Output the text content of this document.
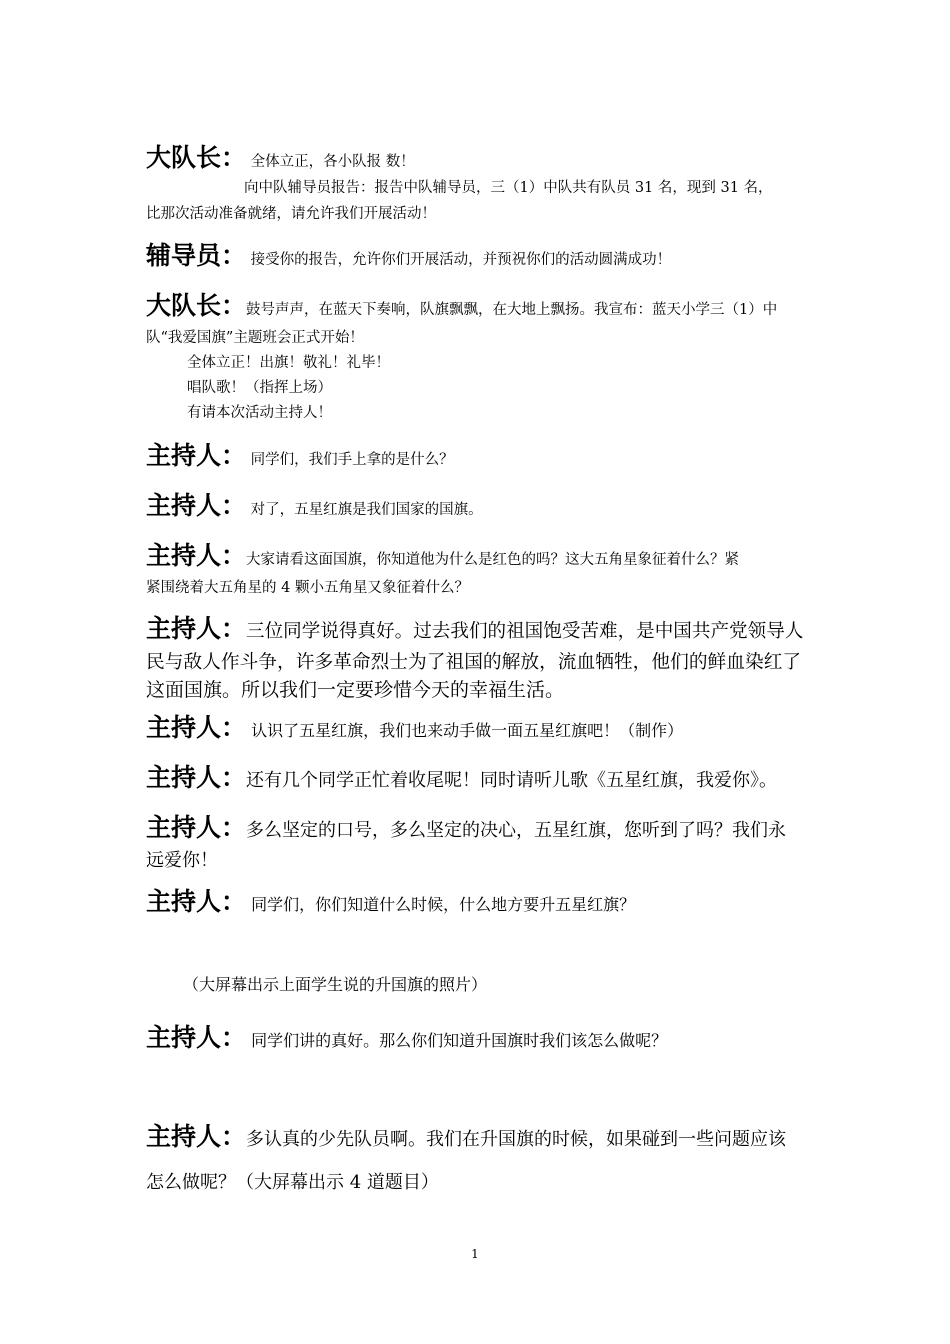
大队长： 全体立正，各小队报 数！
向中队辅导员报告：报告中队辅导员，三（1）中队共有队员 31 名，现到 31 名，
比那次活动准备就绪，请允许我们开展活动！
辅导员： 接受你的报告，允许你们开展活动，并预祝你们的活动圆满成功！
大队长：鼓号声声，在蓝天下奏响，队旗飘飘，在大地上飘扬。我宣布：蓝天小学三（1）中
队“我爱国旗”主题班会正式开始！
全体立正！出旗！敬礼！礼毕！
唱队歌！（指挥上场）
有请本次活动主持人！
主持人： 同学们，我们手上拿的是什么？
主持人： 对了，五星红旗是我们国家的国旗。
主持人：大家请看这面国旗，你知道他为什么是红色的吗？这大五角星象征着什么？紧
紧围绕着大五角星的 4 颗小五角星又象征着什么？
主持人：三位同学说得真好。过去我们的祖国饱受苦难，是中国共产党领导人
民与敌人作斗争，许多革命烈士为了祖国的解放，流血牺牲，他们的鲜血染红了
这面国旗。所以我们一定要珍惜今天的幸福生活。
主持人： 认识了五星红旗，我们也来动手做一面五星红旗吧！（制作）
主持人：还有几个同学正忙着收尾呢！同时请听儿歌《五星红旗，我爱你》。
主持人：多么坚定的口号，多么坚定的决心，五星红旗，您听到了吗？我们永
远爱你！
主持人： 同学们，你们知道什么时候，什么地方要升五星红旗？
（大屏幕出示上面学生说的升国旗的照片）
主持人： 同学们讲的真好。那么你们知道升国旗时我们该怎么做呢？
主持人：多认真的少先队员啊。我们在升国旗的时候，如果碰到一些问题应该
怎么做呢？（大屏幕出示 4 道题目）
1
